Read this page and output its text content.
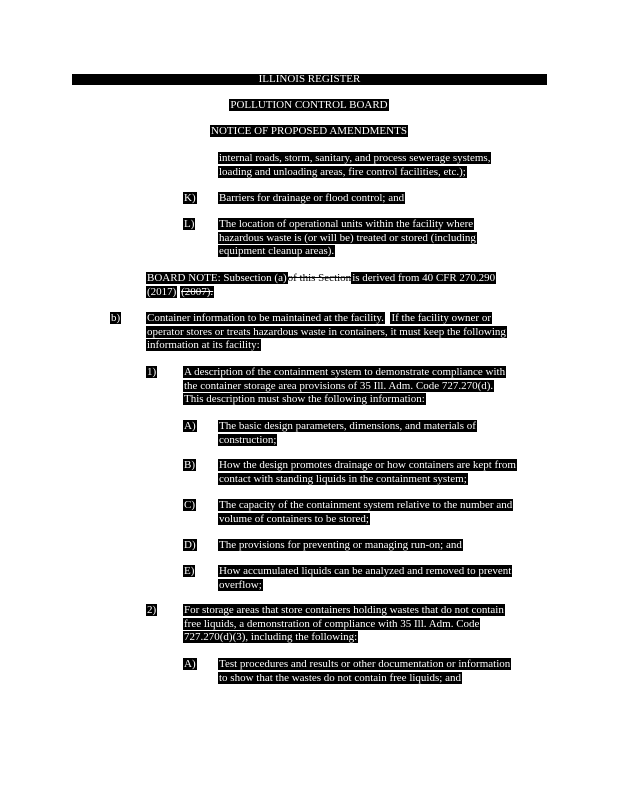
ILLINOIS REGISTER
POLLUTION CONTROL BOARD
NOTICE OF PROPOSED AMENDMENTS
internal roads, storm, sanitary, and process sewerage systems,
loading and unloading areas, fire control facilities, etc.);
K) Barriers for drainage or flood control; and
L) The location of operational units within the facility where
hazardous waste is (or will be) treated or stored (including
equipment cleanup areas).
BOARD NOTE: Subsection (a)of this Sectionis derived from 40 CFR 270.290
(2017) (2007).
b) Container information to be maintained at the facility. If the facility owner or
operator stores or treats hazardous waste in containers, it must keep the following
information at its facility:
1)	A description of the containment system to demonstrate compliance with
the container storage area provisions of 35 Ill. Adm. Code 727.270(d).
This description must show the following information:
A) The basic design parameters, dimensions, and materials of
construction;
B) How the design promotes drainage or how containers are kept from
contact with standing liquids in the containment system;
C) The capacity of the containment system relative to the number and
volume of containers to be stored;
D) The provisions for preventing or managing run-on; and
E) How accumulated liquids can be analyzed and removed to prevent
overflow;
2)	For storage areas that store containers holding wastes that do not contain
free liquids, a demonstration of compliance with 35 Ill. Adm. Code
727.270(d)(3), including the following:
A) Test procedures and results or other documentation or information
to show that the wastes do not contain free liquids; and
